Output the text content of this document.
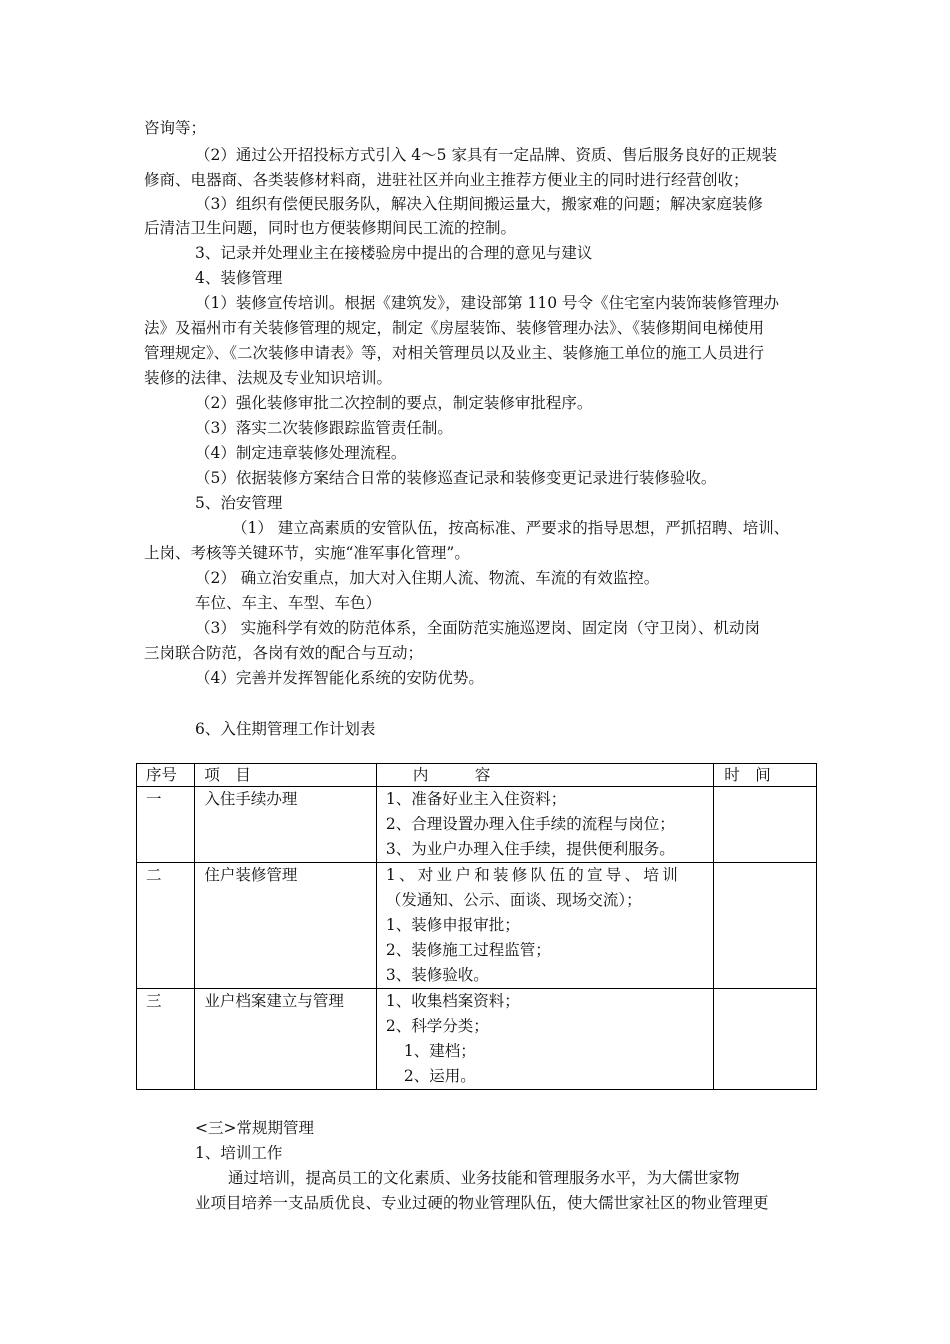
咨询等；
（2）通过公开招投标方式引入 4～5 家具有一定品牌、资质、售后服务良好的正规装
修商、电器商、各类装修材料商，进驻社区并向业主推荐方便业主的同时进行经营创收；
（3）组织有偿便民服务队，解决入住期间搬运量大，搬家难的问题；解决家庭装修
后清洁卫生问题，同时也方便装修期间民工流的控制。
3、记录并处理业主在接楼验房中提出的合理的意见与建议
4、装修管理
（1）装修宣传培训。根据《建筑发》，建设部第 110 号令《住宅室内装饰装修管理办
法》及福州市有关装修管理的规定，制定《房屋装饰、装修管理办法》、《装修期间电梯使用
管理规定》、《二次装修申请表》等，对相关管理员以及业主、装修施工单位的施工人员进行
装修的法律、法规及专业知识培训。
（2）强化装修审批二次控制的要点，制定装修审批程序。
（3）落实二次装修跟踪监管责任制。
（4）制定违章装修处理流程。
（5）依据装修方案结合日常的装修巡查记录和装修变更记录进行装修验收。
5、治安管理
（1） 建立高素质的安管队伍，按高标准、严要求的指导思想，严抓招聘、培训、
上岗、考核等关键环节，实施“准军事化管理”。
（2） 确立治安重点，加大对入住期人流、物流、车流的有效监控。
车位、车主、车型、车色）
（3） 实施科学有效的防范体系，全面防范实施巡逻岗、固定岗（守卫岗）、机动岗
三岗联合防范，各岗有效的配合与互动；
（4）完善并发挥智能化系统的安防优势。
6、入住期管理工作计划表
序号	项　目	内　　　容	时　间

一	入住手续办理	1、准备好业主入住资料；
2、合理设置办理入住手续的流程与岗位；
3、为业户办理入住手续，提供便利服务。	

二	住户装修管理	1、对业户和装修队伍的宣导、培训
（发通知、公示、面谈、现场交流）；
1、装修申报审批；
2、装修施工过程监管；
3、装修验收。	

三	业户档案建立与管理	1、收集档案资料；
2、科学分类；
1、建档；
2、运用。	

<三>常规期管理
1、培训工作
通过培训，提高员工的文化素质、业务技能和管理服务水平，为大儒世家物
业项目培养一支品质优良、专业过硬的物业管理队伍，使大儒世家社区的物业管理更
